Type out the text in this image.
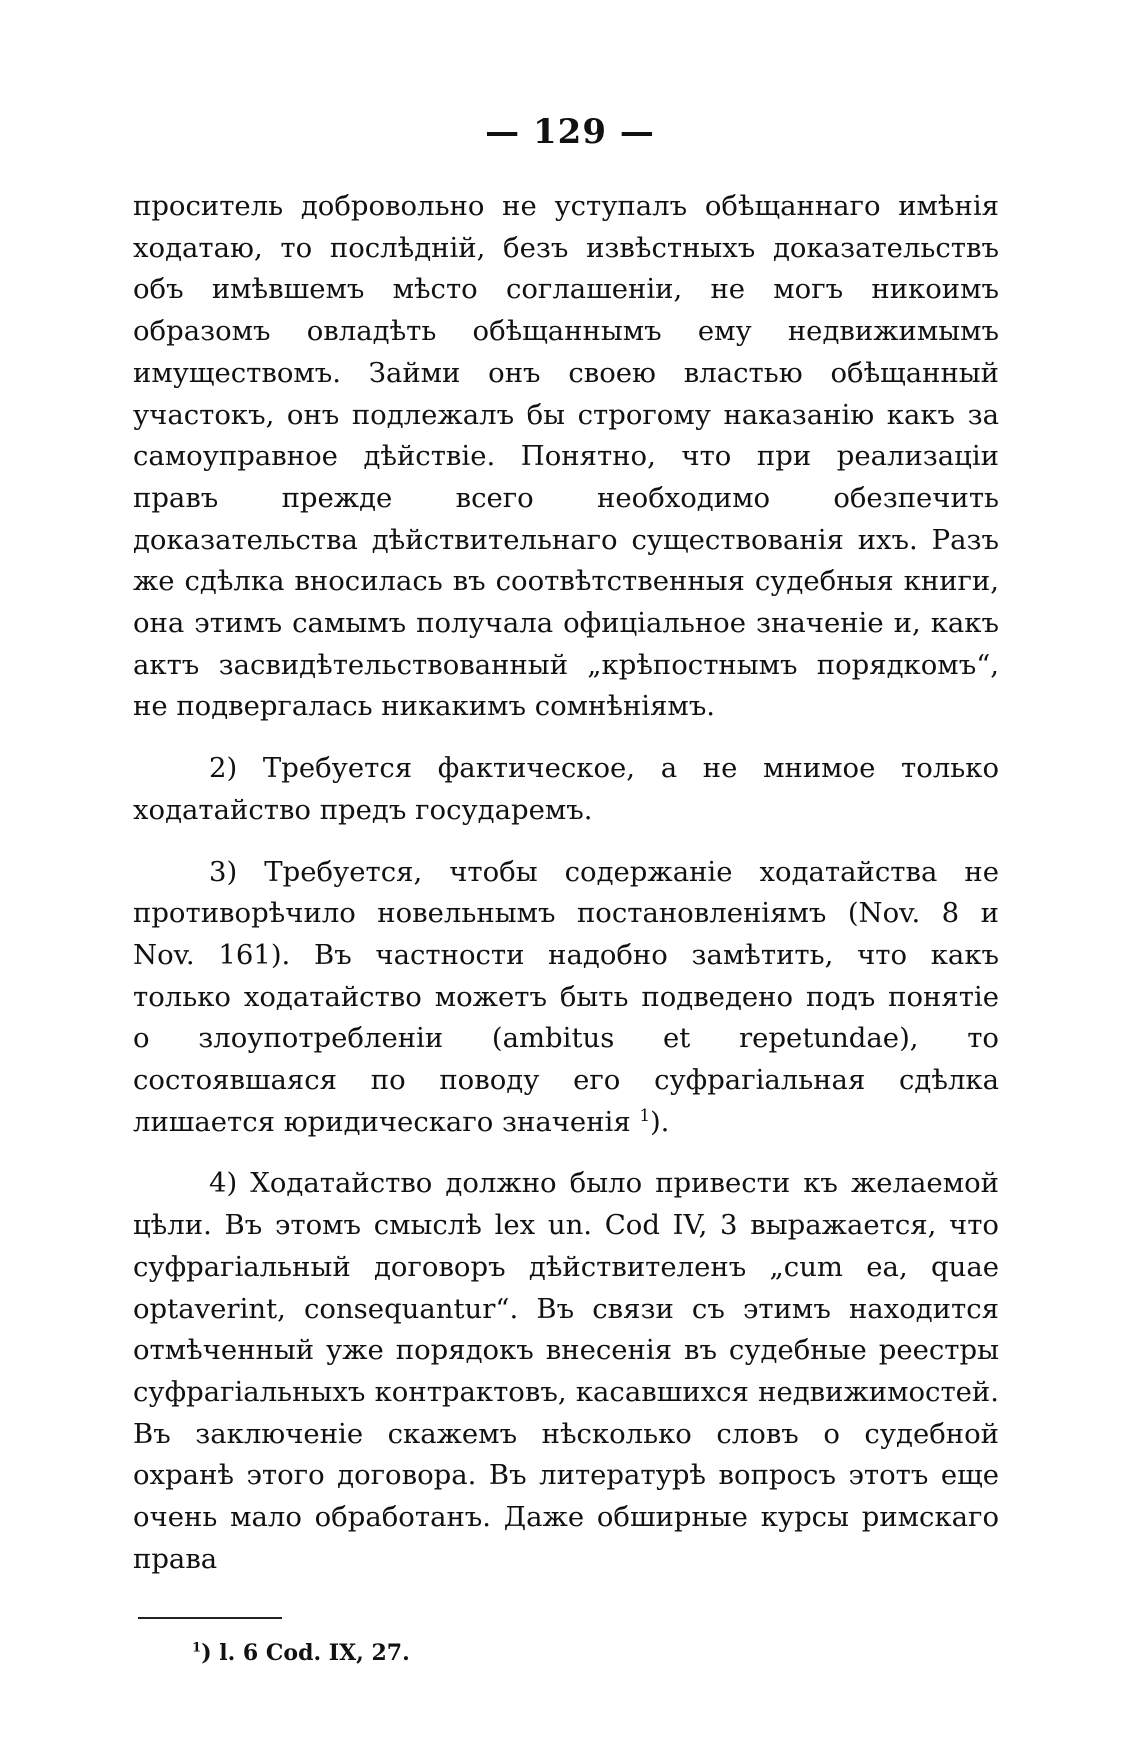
— 129 —

проситель добровольно не уступалъ обѣщаннаго имѣнія ходатаю, то послѣдній, безъ извѣстныхъ доказательствъ объ имѣвшемъ мѣсто соглашеніи, не могъ никоимъ образомъ овладѣть обѣщаннымъ ему недвижимымъ имуществомъ. Займи онъ своею властью обѣщанный участокъ, онъ подлежалъ бы строгому наказанію какъ за самоуправное дѣйствіе. Понятно, что при реализаціи правъ прежде всего необходимо обезпечить доказательства дѣйствительнаго существованія ихъ. Разъ же сдѣлка вносилась въ соотвѣтственныя судебныя книги, она этимъ самымъ получала офиціальное значеніе и, какъ актъ засвидѣтельствованный „крѣпостнымъ порядкомъ“, не подвергалась никакимъ сомнѣніямъ.

2) Требуется фактическое, а не мнимое только ходатайство предъ государемъ.

3) Требуется, чтобы содержаніе ходатайства не противорѣчило новельнымъ постановленіямъ (Nov. 8 и Nov. 161). Въ частности надобно замѣтить, что какъ только ходатайство можетъ быть подведено подъ понятіе о злоупотребленіи (ambitus et repetundae), то состоявшаяся по поводу его суфрагіальная сдѣлка лишается юридическаго значенія $^1$).

4) Ходатайство должно было привести къ желаемой цѣли. Въ этомъ смыслѣ lex un. Cod IV, 3 выражается, что суфрагіальный договоръ дѣйствителенъ „cum ea, quae optaverint, consequantur“. Въ связи съ этимъ находится отмѣченный уже порядокъ внесенія въ судебные реестры суфрагіальныхъ контрактовъ, касавшихся недвижимостей. Въ заключеніе скажемъ нѣсколько словъ о судебной охранѣ этого договора. Въ литературѣ вопросъ этотъ еще очень мало обработанъ. Даже обширные курсы римскаго права

$^1$) l. 6 Cod. IX, 27.
